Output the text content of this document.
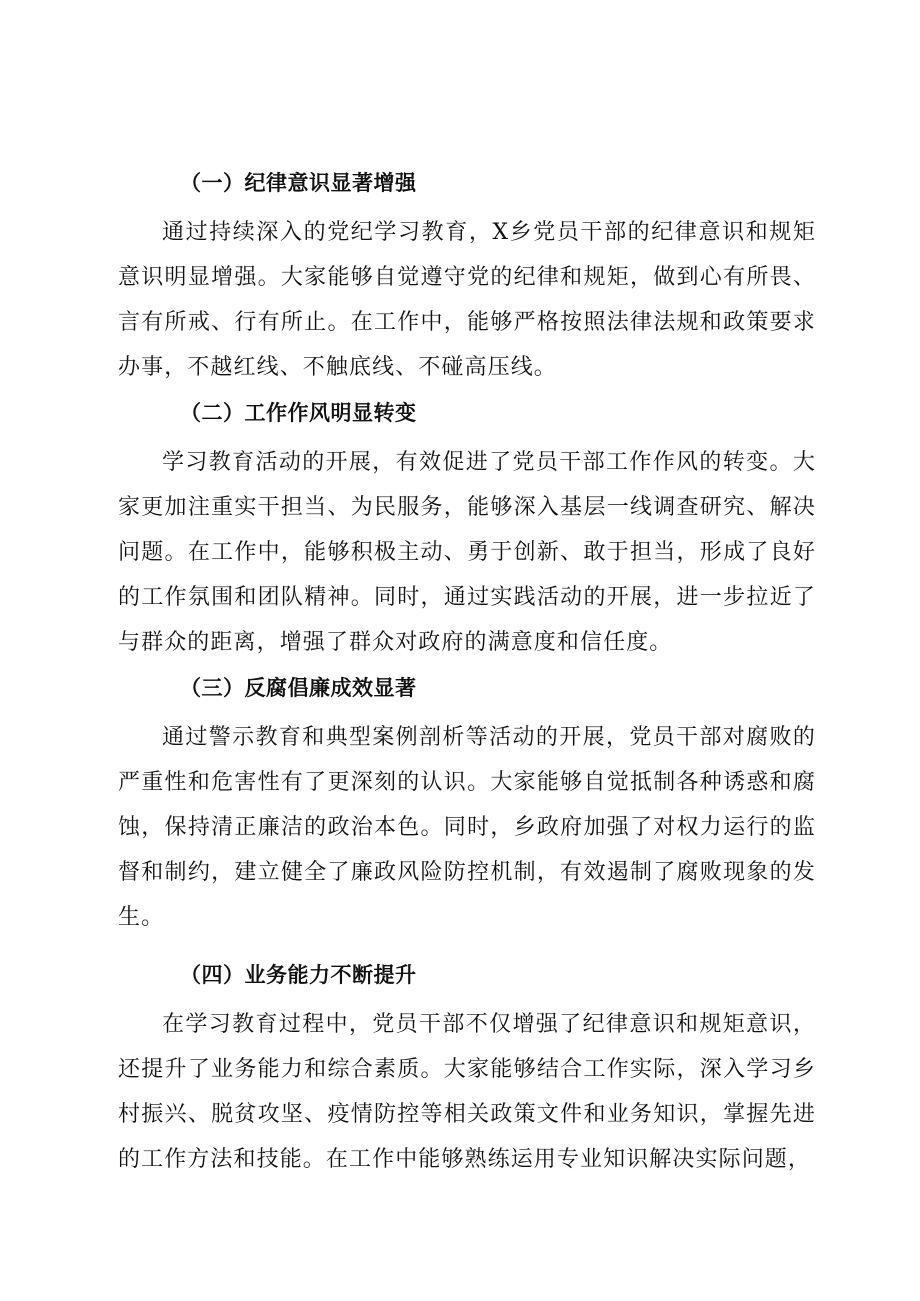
（一）纪律意识显著增强

通过持续深入的党纪学习教育，X乡党员干部的纪律意识和规矩意识明显增强。大家能够自觉遵守党的纪律和规矩，做到心有所畏、言有所戒、行有所止。在工作中，能够严格按照法律法规和政策要求办事，不越红线、不触底线、不碰高压线。

（二）工作作风明显转变

学习教育活动的开展，有效促进了党员干部工作作风的转变。大家更加注重实干担当、为民服务，能够深入基层一线调查研究、解决问题。在工作中，能够积极主动、勇于创新、敢于担当，形成了良好的工作氛围和团队精神。同时，通过实践活动的开展，进一步拉近了与群众的距离，增强了群众对政府的满意度和信任度。

（三）反腐倡廉成效显著

通过警示教育和典型案例剖析等活动的开展，党员干部对腐败的严重性和危害性有了更深刻的认识。大家能够自觉抵制各种诱惑和腐蚀，保持清正廉洁的政治本色。同时，乡政府加强了对权力运行的监督和制约，建立健全了廉政风险防控机制，有效遏制了腐败现象的发生。

（四）业务能力不断提升

在学习教育过程中，党员干部不仅增强了纪律意识和规矩意识，还提升了业务能力和综合素质。大家能够结合工作实际，深入学习乡村振兴、脱贫攻坚、疫情防控等相关政策文件和业务知识，掌握先进的工作方法和技能。在工作中能够熟练运用专业知识解决实际问题，
